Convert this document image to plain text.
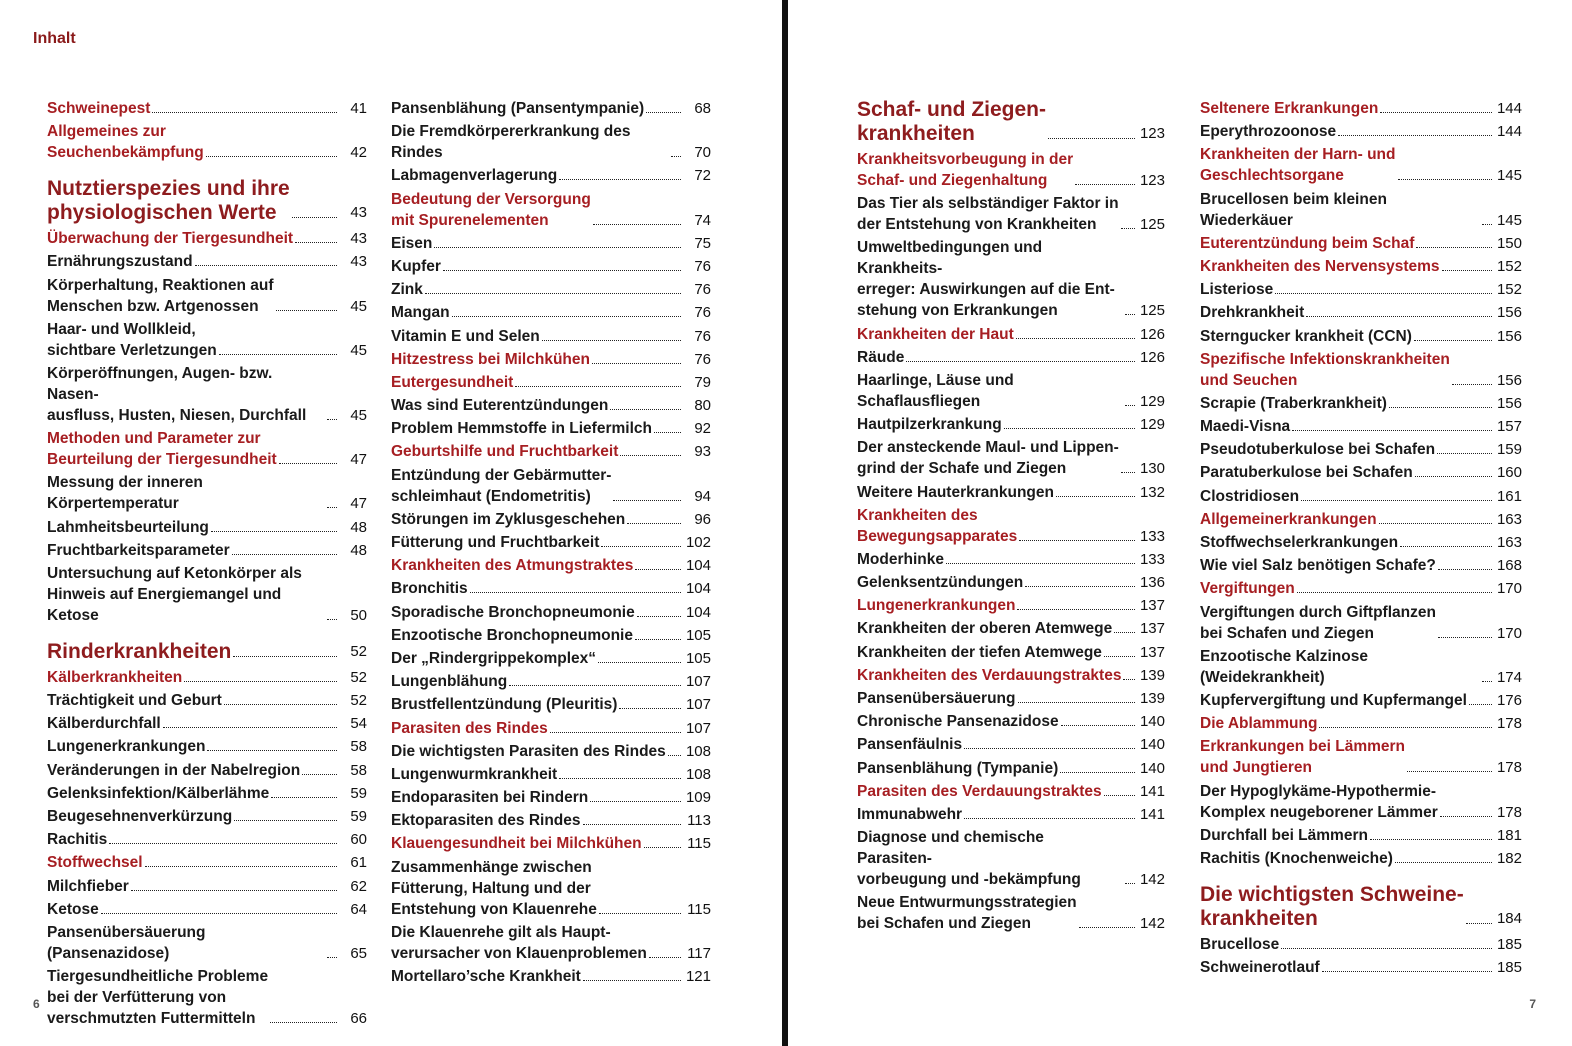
Inhalt
Schweinepest	41
Allgemeines zur
Seuchenbekämpfung	42
Nutztierspezies und ihre
physiologischen Werte	43
Überwachung der Tiergesundheit	43
Ernährungszustand	43
Körperhaltung, Reaktionen auf
Menschen bzw. Artgenossen	45
Haar- und Wollkleid,
sichtbare Verletzungen	45
Körperöffnungen, Augen- bzw. Nasen-
ausfluss, Husten, Niesen, Durchfall	45
Methoden und Parameter zur
Beurteilung der Tiergesundheit	47
Messung der inneren Körpertemperatur	47
Lahmheitsbeurteilung	48
Fruchtbarkeitsparameter	48
Untersuchung auf Ketonkörper als
Hinweis auf Energiemangel und Ketose	50
Rinderkrankheiten	52
Kälberkrankheiten	52
Trächtigkeit und Geburt	52
Kälberdurchfall	54
Lungenerkrankungen	58
Veränderungen in der Nabelregion	58
Gelenksinfektion/Kälberlähme	59
Beugesehnenverkürzung	59
Rachitis	60
Stoffwechsel	61
Milchfieber	62
Ketose	64
Pansenübersäuerung (Pansenazidose)	65
Tiergesundheitliche Probleme
bei der Verfütterung von
verschmutzten Futtermitteln	66
Pansenblähung (Pansentympanie)	68
Die Fremdkörpererkrankung des Rindes	70
Labmagenverlagerung	72
Bedeutung der Versorgung
mit Spurenelementen	74
Eisen	75
Kupfer	76
Zink	76
Mangan	76
Vitamin E und Selen	76
Hitzestress bei Milchkühen	76
Eutergesundheit	79
Was sind Euterentzündungen	80
Problem Hemmstoffe in Liefermilch	92
Geburtshilfe und Fruchtbarkeit	93
Entzündung der Gebärmutter-
schleimhaut (Endometritis)	94
Störungen im Zyklusgeschehen	96
Fütterung und Fruchtbarkeit	102
Krankheiten des Atmungstraktes	104
Bronchitis	104
Sporadische Bronchopneumonie	104
Enzootische Bronchopneumonie	105
Der „Rindergrippekomplex“	105
Lungenblähung	107
Brustfellentzündung (Pleuritis)	107
Parasiten des Rindes	107
Die wichtigsten Parasiten des Rindes 108
Lungenwurmkrankheit	108
Endoparasiten bei Rindern	109
Ektoparasiten des Rindes	113
Klauengesundheit bei Milchkühen	115
Zusammenhänge zwischen
Fütterung, Haltung und der
Entstehung von Klauenrehe	115
Die Klauenrehe gilt als Haupt-
verursacher von Klauenproblemen	117
Mortellaro’sche Krankheit	121
6
Schaf- und Ziegen-
krankheiten	123
Krankheitsvorbeugung in der
Schaf- und Ziegenhaltung	123
Das Tier als selbständiger Faktor in
der Entstehung von Krankheiten	125
Umweltbedingungen und Krankheits-
erreger: Auswirkungen auf die Ent-
stehung von Erkrankungen	125
Krankheiten der Haut	126
Räude	126
Haarlinge, Läuse und Schaflausfliegen	129
Hautpilzerkrankung	129
Der ansteckende Maul- und Lippen-
grind der Schafe und Ziegen	130
Weitere Hauterkrankungen	132
Krankheiten des
Bewegungsapparates	133
Moderhinke	133
Gelenksentzündungen	136
Lungenerkrankungen	137
Krankheiten der oberen Atemwege 137
Krankheiten der tiefen Atemwege	137
Krankheiten des Verdauungstraktes 139
Pansenübersäuerung	139
Chronische Pansenazidose	140
Pansenfäulnis	140
Pansenblähung (Tympanie)	140
Parasiten des Verdauungstraktes	141
Immunabwehr	141
Diagnose und chemische Parasiten-
vorbeugung und -bekämpfung	142
Neue Entwurmungsstrategien
bei Schafen und Ziegen	142
Seltenere Erkrankungen	144
Eperythrozoonose	144
Krankheiten der Harn- und
Geschlechtsorgane	145
Brucellosen beim kleinen Wiederkäuer	145
Euterentzündung beim Schaf	150
Krankheiten des Nervensystems	152
Listeriose	152
Drehkrankheit	156
Sterngucker krankheit (CCN)	156
Spezifische Infektionskrankheiten
und Seuchen	156
Scrapie (Traberkrankheit)	156
Maedi-Visna	157
Pseudotuberkulose bei Schafen	159
Paratuberkulose bei Schafen	160
Clostridiosen	161
Allgemeinerkrankungen	163
Stoffwechselerkrankungen	163
Wie viel Salz benötigen Schafe?	168
Vergiftungen	170
Vergiftungen durch Giftpflanzen
bei Schafen und Ziegen	170
Enzootische Kalzinose (Weidekrankheit)	174
Kupfervergiftung und Kupfermangel 176
Die Ablammung	178
Erkrankungen bei Lämmern
und Jungtieren	178
Der Hypoglykäme-Hypothermie-
Komplex neugeborener Lämmer	178
Durchfall bei Lämmern	181
Rachitis (Knochenweiche)	182
Die wichtigsten Schweine-
krankheiten	184
Brucellose	185
Schweinerotlauf	185
7
